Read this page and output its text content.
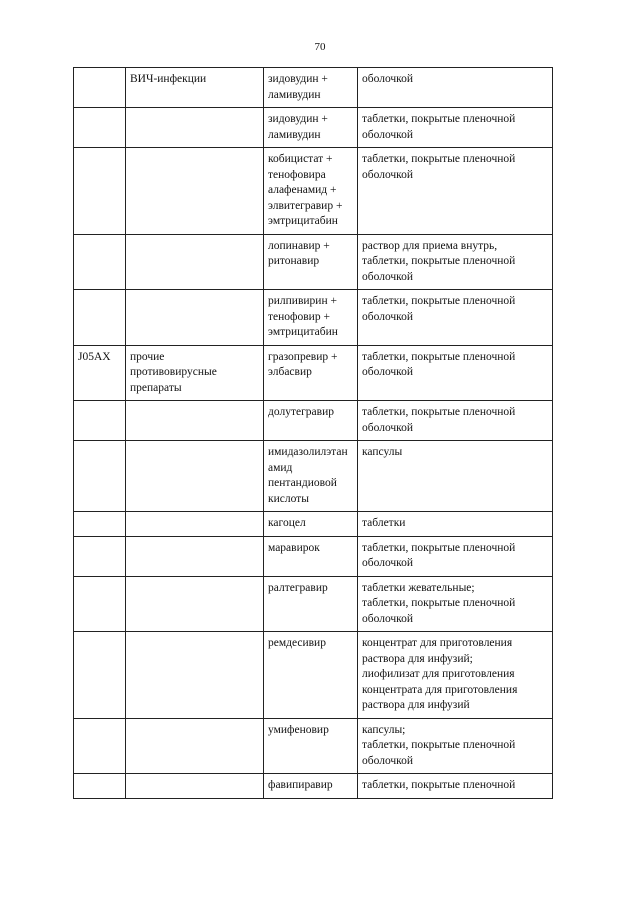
70
	ВИЧ-инфекции	зидовудин +
ламивудин	оболочкой
		зидовудин +
ламивудин	таблетки, покрытые пленочной
оболочкой
		кобицистат +
тенофовира
алафенамид +
элвитегравир +
эмтрицитабин	таблетки, покрытые пленочной
оболочкой
		лопинавир +
ритонавир	раствор для приема внутрь,
таблетки, покрытые пленочной
оболочкой
		рилпивирин +
тенофовир +
эмтрицитабин	таблетки, покрытые пленочной
оболочкой
J05AX	прочие
противовирусные
препараты	гразопревир +
элбасвир	таблетки, покрытые пленочной
оболочкой
		долутегравир	таблетки, покрытые пленочной
оболочкой
		имидазолилэтан
амид
пентандиовой
кислоты	капсулы
		кагоцел	таблетки
		маравирок	таблетки, покрытые пленочной
оболочкой
		ралтегравир	таблетки жевательные;
таблетки, покрытые пленочной
оболочкой
		ремдесивир	концентрат для приготовления
раствора для инфузий;
лиофилизат для приготовления
концентрата для приготовления
раствора для инфузий
		умифеновир	капсулы;
таблетки, покрытые пленочной
оболочкой
		фавипиравир	таблетки, покрытые пленочной
